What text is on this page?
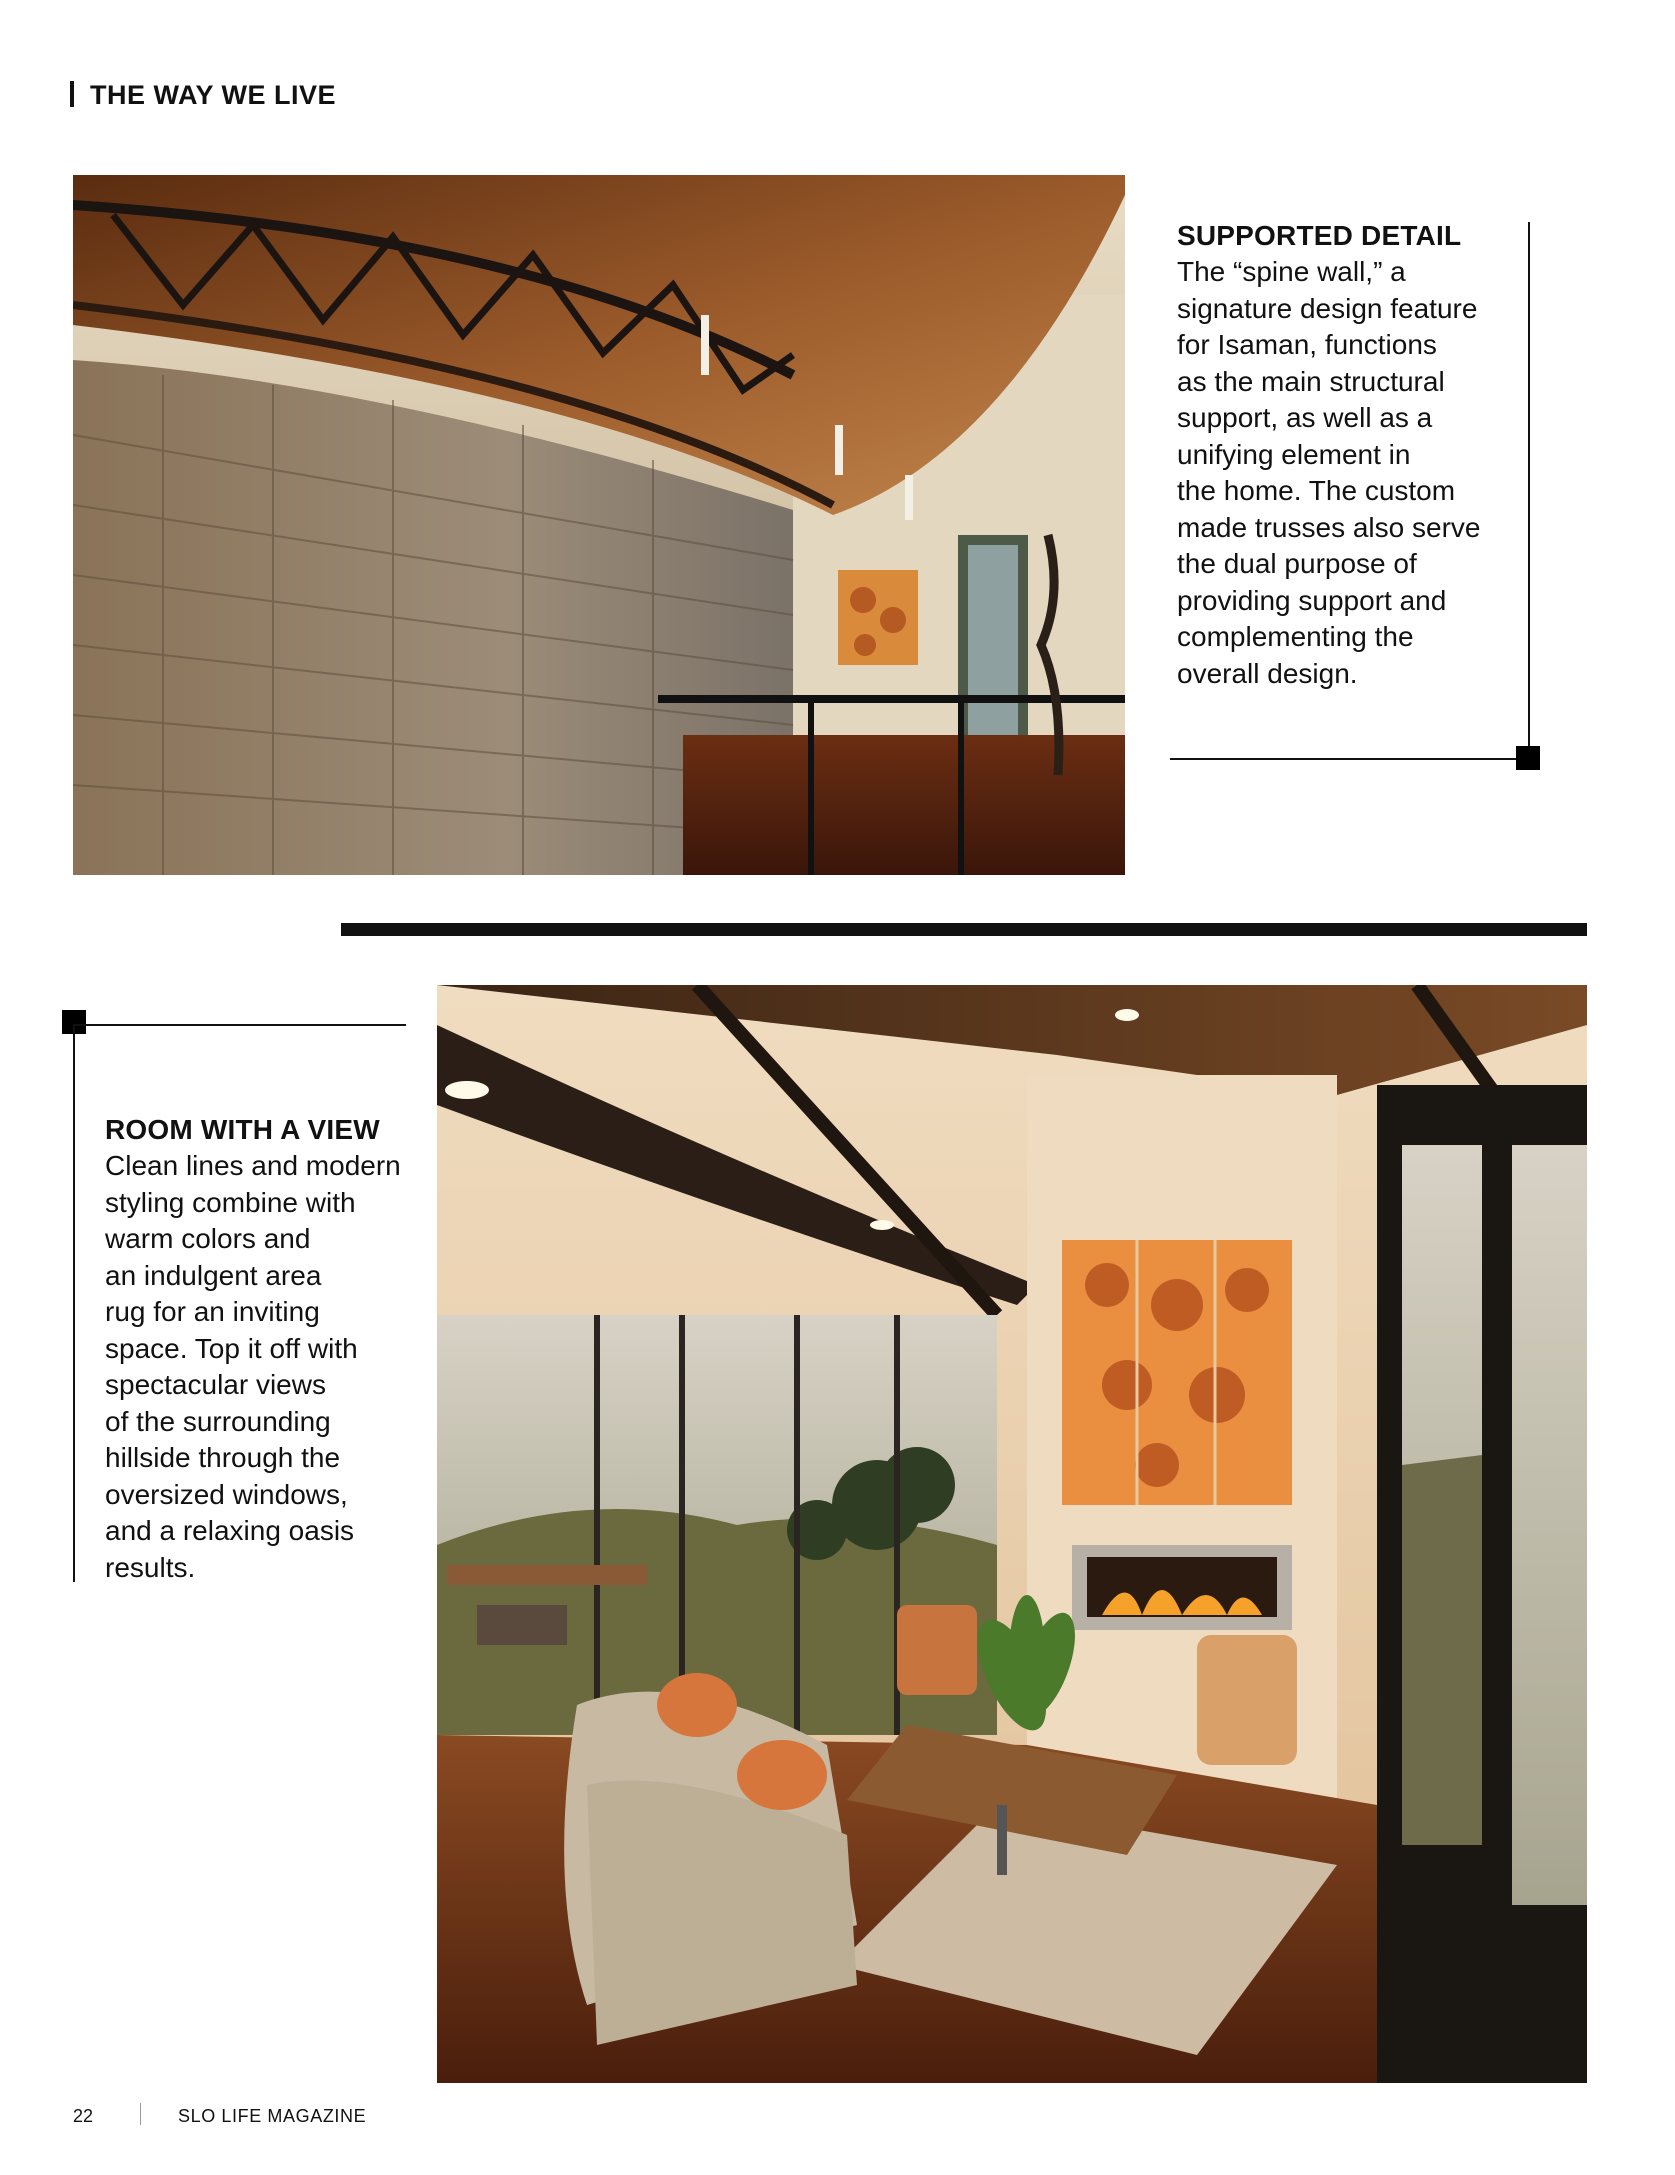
THE WAY WE LIVE
SUPPORTED DETAIL
The “spine wall,” a
signature design feature
for Isaman, functions
as the main structural
support, as well as a
unifying element in
the home. The custom
made trusses also serve
the dual purpose of
providing support and
complementing the
overall design.
ROOM WITH A VIEW
Clean lines and modern
styling combine with
warm colors and
an indulgent area
rug for an inviting
space. Top it off with
spectacular views
of the surrounding
hillside through the
oversized windows,
and a relaxing oasis
results.
22	SLO LIFE MAGAZINE
